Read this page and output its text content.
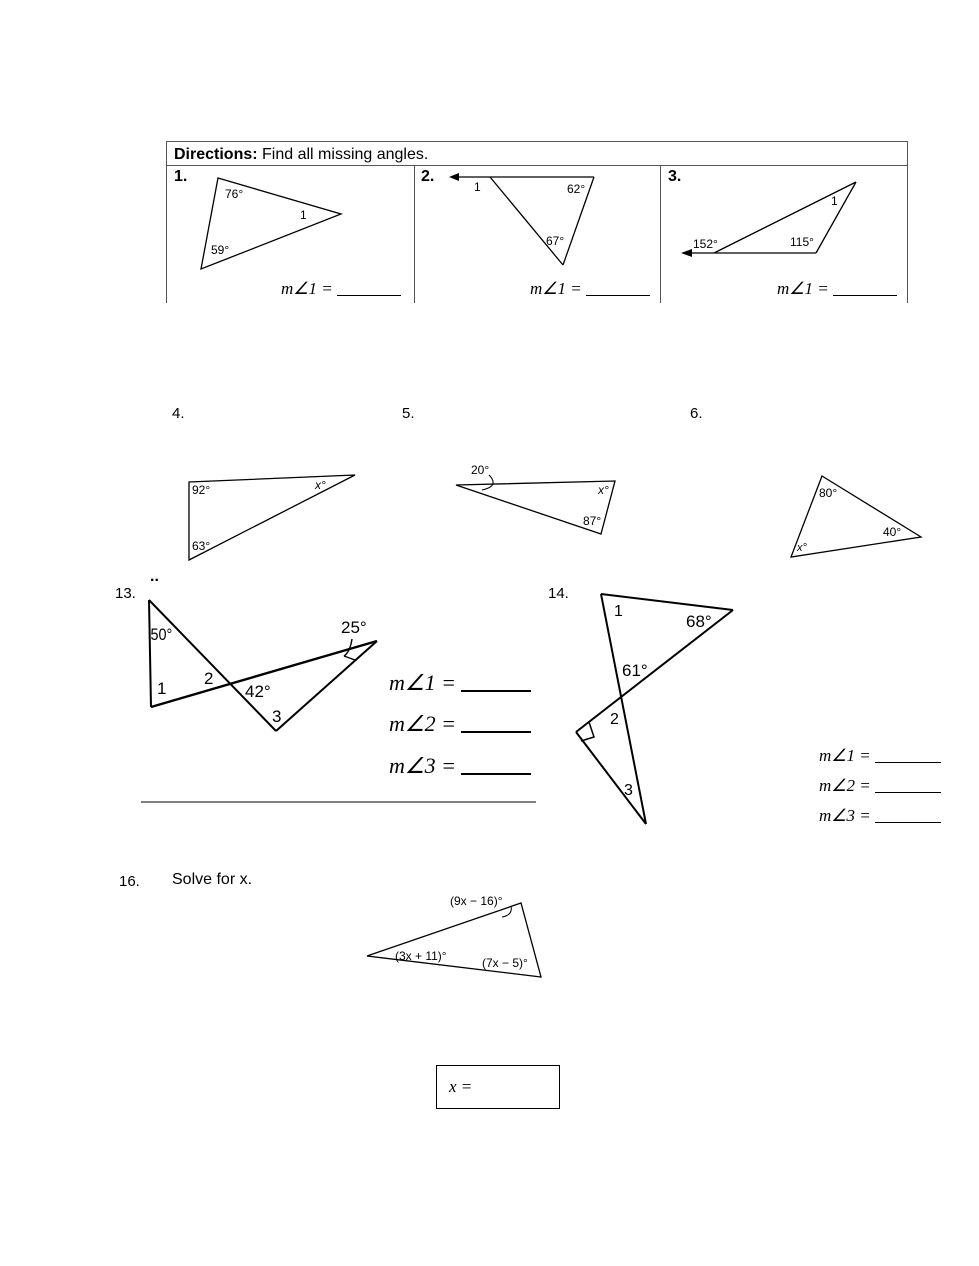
Directions: Find all missing angles.
1.	2.	3.
76°
59°
1
1	62°
67°
1
152°	115°
92°	x°
63°
20°
x°
87°
80°
40°
x°
50°	25°
1
2
42°
3
1
68°
61°
2
3
(9x − 16)°
(3x + 11)°	(7x − 5)°
m∠1 =	m∠1 =	m∠1 =
4.	5.	6.
..
13.	14.
m∠1 =
m∠2 =
m∠3 =	m∠1 =
m∠2 =
m∠3 =
16. Solve for x.
x =
